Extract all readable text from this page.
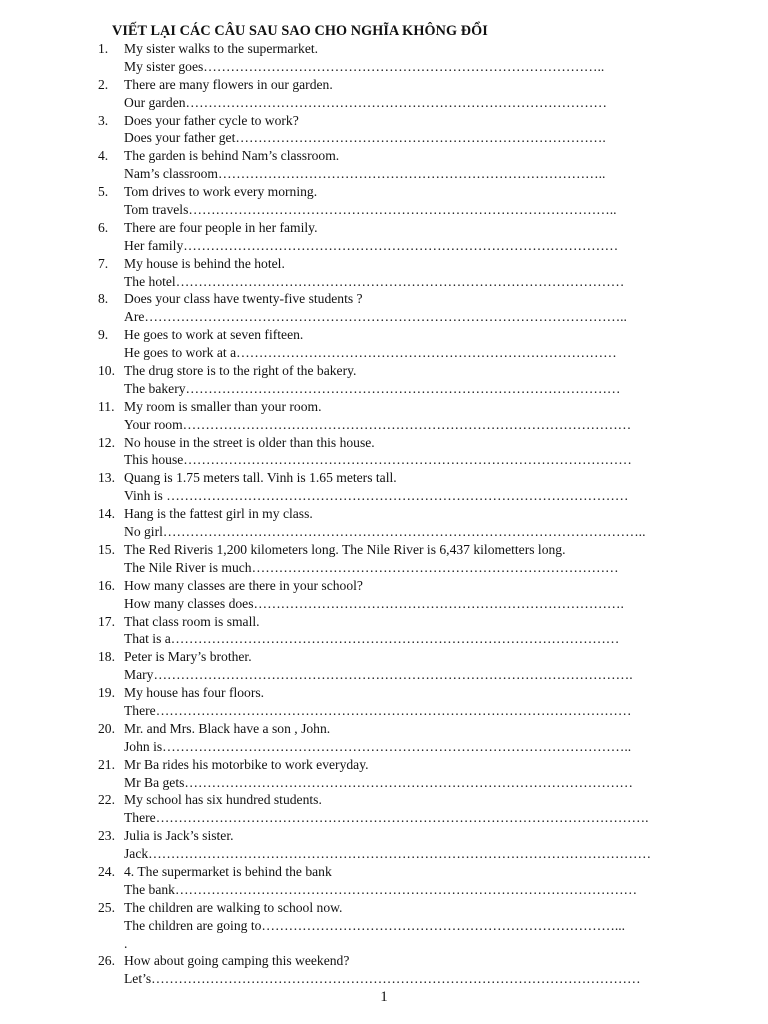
VIẾT LẠI CÁC CÂU SAU SAO CHO NGHĨA KHÔNG ĐỔI
1.	My sister walks to the supermarket.
My sister goes……………………………………………………………………………..
2.	There are many flowers in our garden.
Our garden…………………………………………………………………………………
3.	Does your father cycle to work?
Does your father get……………………………………………………………………….
4.	The garden is behind Nam’s classroom.
Nam’s classroom…………………………………………………………………………..
5.	Tom drives to work every morning.
Tom travels…………………………………………………………………………………..
6.	There are four people in her family.
Her family……………………………………………………………………………………
7.	My house is behind the hotel.
The hotel………………………………………………………………………………………
8.	Does your class have twenty-five students ?
Are……………………………………………………………………………………………..
9.	He goes to work at seven fifteen.
He goes to work at a…………………………………………………………………………
10. The drug store is to the right of the bakery.
The bakery……………………………………………………………………………………
11. My room is smaller than your room.
Your room………………………………………………………………………………………
12. No house in the street is older than this house.
This house………………………………………………………………………………………
13. Quang is 1.75 meters tall. Vinh is 1.65 meters tall.
Vinh is …………………………………………………………………………………………
14. Hang is the fattest girl in my class.
No girl……………………………………………………………………………………………..
15. The Red Riveris 1,200 kilometers long. The Nile River is 6,437 kilometters long.
The Nile River is much………………………………………………………………………
16. How many classes are there in your school?
How many classes does……………………………………………………………………….
17. That class room is small.
That is a………………………………………………………………………………………
18. Peter is Mary’s brother.
Mary…………………………………………………………………………………………….
19. My house has four floors.
There……………………………………………………………………………………………
20. Mr. and Mrs. Black have a son , John.
John is…………………………………………………………………………………………..
21. Mr Ba rides his motorbike to work everyday.
Mr Ba gets………………………………………………………………………………………
22. My school has six hundred students.
There……………………………………………………………………………………………….
23. Julia is Jack’s sister.
Jack…………………………………………………………………………………………………
24. 4. The supermarket is behind the bank
The bank…………………………………………………………………………………………
25. The children are walking to school now.
The children are going to……………………………………………………………………...
.
26. How about going camping this weekend?
Let’s………………………………………………………………………………………………
1
